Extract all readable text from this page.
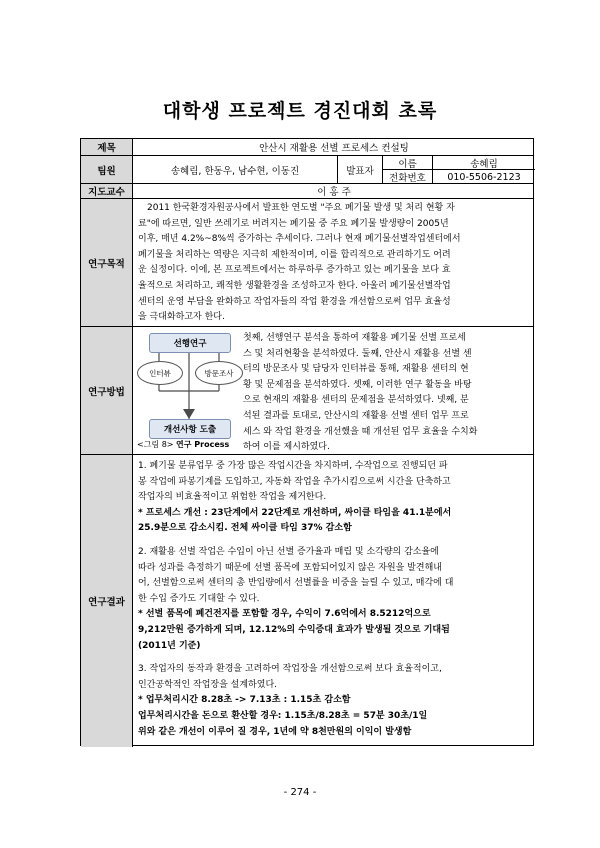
대학생 프로젝트 경진대회 초록
제목	안산시 재활용 선별 프로세스 컨설팅
팀원	송혜림, 한동우, 남수현, 이동진	발표자
이름	송혜림
전화번호	010-5506-2123
지도교수	이 홍 주
연구목적
2011 한국환경자원공사에서 발표한 연도별 "주요 폐기물 발생 및 처리 현황 자
료"에 따르면, 일반 쓰레기로 버려지는 폐기물 중 주요 폐기물 발생량이 2005년
이후, 매년 4.2%~8%씩 증가하는 추세이다. 그러나 현재 폐기물선별작업센터에서
폐기물을 처리하는 역량은 지극히 제한적이며, 이를 합리적으로 관리하기도 어려
운 실정이다. 이에, 본 프로젝트에서는 하루하루 증가하고 있는 폐기물을 보다 효
율적으로 처리하고, 쾌적한 생활환경을 조성하고자 한다. 아울러 폐기물선별작업
센터의 운영 부담을 완화하고 작업자들의 작업 환경을 개선함으로써 업무 효율성
을 극대화하고자 한다.
연구방법
선행연구
인터뷰	방문조사
개선사항 도출
<그림 8> 연구 Process
첫째, 선행연구 분석을 통하여 재활용 폐기물 선별 프로세
스 및 처리현황을 분석하였다. 둘째, 안산시 재활용 선별 센
터의 방문조사 및 담당자 인터뷰를 통해, 재활용 센터의 현
황 및 문제점을 분석하였다. 셋째, 이러한 연구 활동을 바탕
으로 현재의 재활용 센터의 문제점을 분석하였다. 넷째, 분
석된 결과를 토대로, 안산시의 재활용 선별 센터 업무 프로
세스 와 작업 환경을 개선했을 때 개선된 업무 효율을 수치화
하여 이를 제시하였다.
연구결과
1. 폐기물 분류업무 중 가장 많은 작업시간을 차지하며, 수작업으로 진행되던 파
봉 작업에 파봉기계를 도입하고, 자동화 작업을 추가시킴으로써 시간을 단축하고
작업자의 비효율적이고 위험한 작업을 제거한다.
* 프로세스 개선 : 23단계에서 22단계로 개선하며, 싸이클 타임을 41.1분에서
25.9분으로 감소시킴. 전체 싸이클 타임 37% 감소함
2. 재활용 선별 작업은 수입이 아닌 선별 증가율과 매립 및 소각량의 감소율에
따라 성과를 측정하기 때문에 선별 품목에 포함되어있지 않은 자원을 발견해내
어, 선별함으로써 센터의 총 반입량에서 선별률을 비중을 늘릴 수 있고, 매각에 대
한 수입 증가도 기대할 수 있다.
* 선별 품목에 폐건전지를 포함할 경우, 수익이 7.6억에서 8.5212억으로
9,212만원 증가하게 되며, 12.12%의 수익증대 효과가 발생될 것으로 기대됨
(2011년 기준)
3. 작업자의 동작과 환경을 고려하여 작업장을 개선함으로써 보다 효율적이고,
인간공학적인 작업장을 설계하였다.
* 업무처리시간 8.28초 -> 7.13초 : 1.15초 감소함
업무처리시간을 돈으로 환산할 경우: 1.15초/8.28초 = 57분 30초/1일
위와 같은 개선이 이루어 질 경우, 1년에 약 8천만원의 이익이 발생함
- 274 -
